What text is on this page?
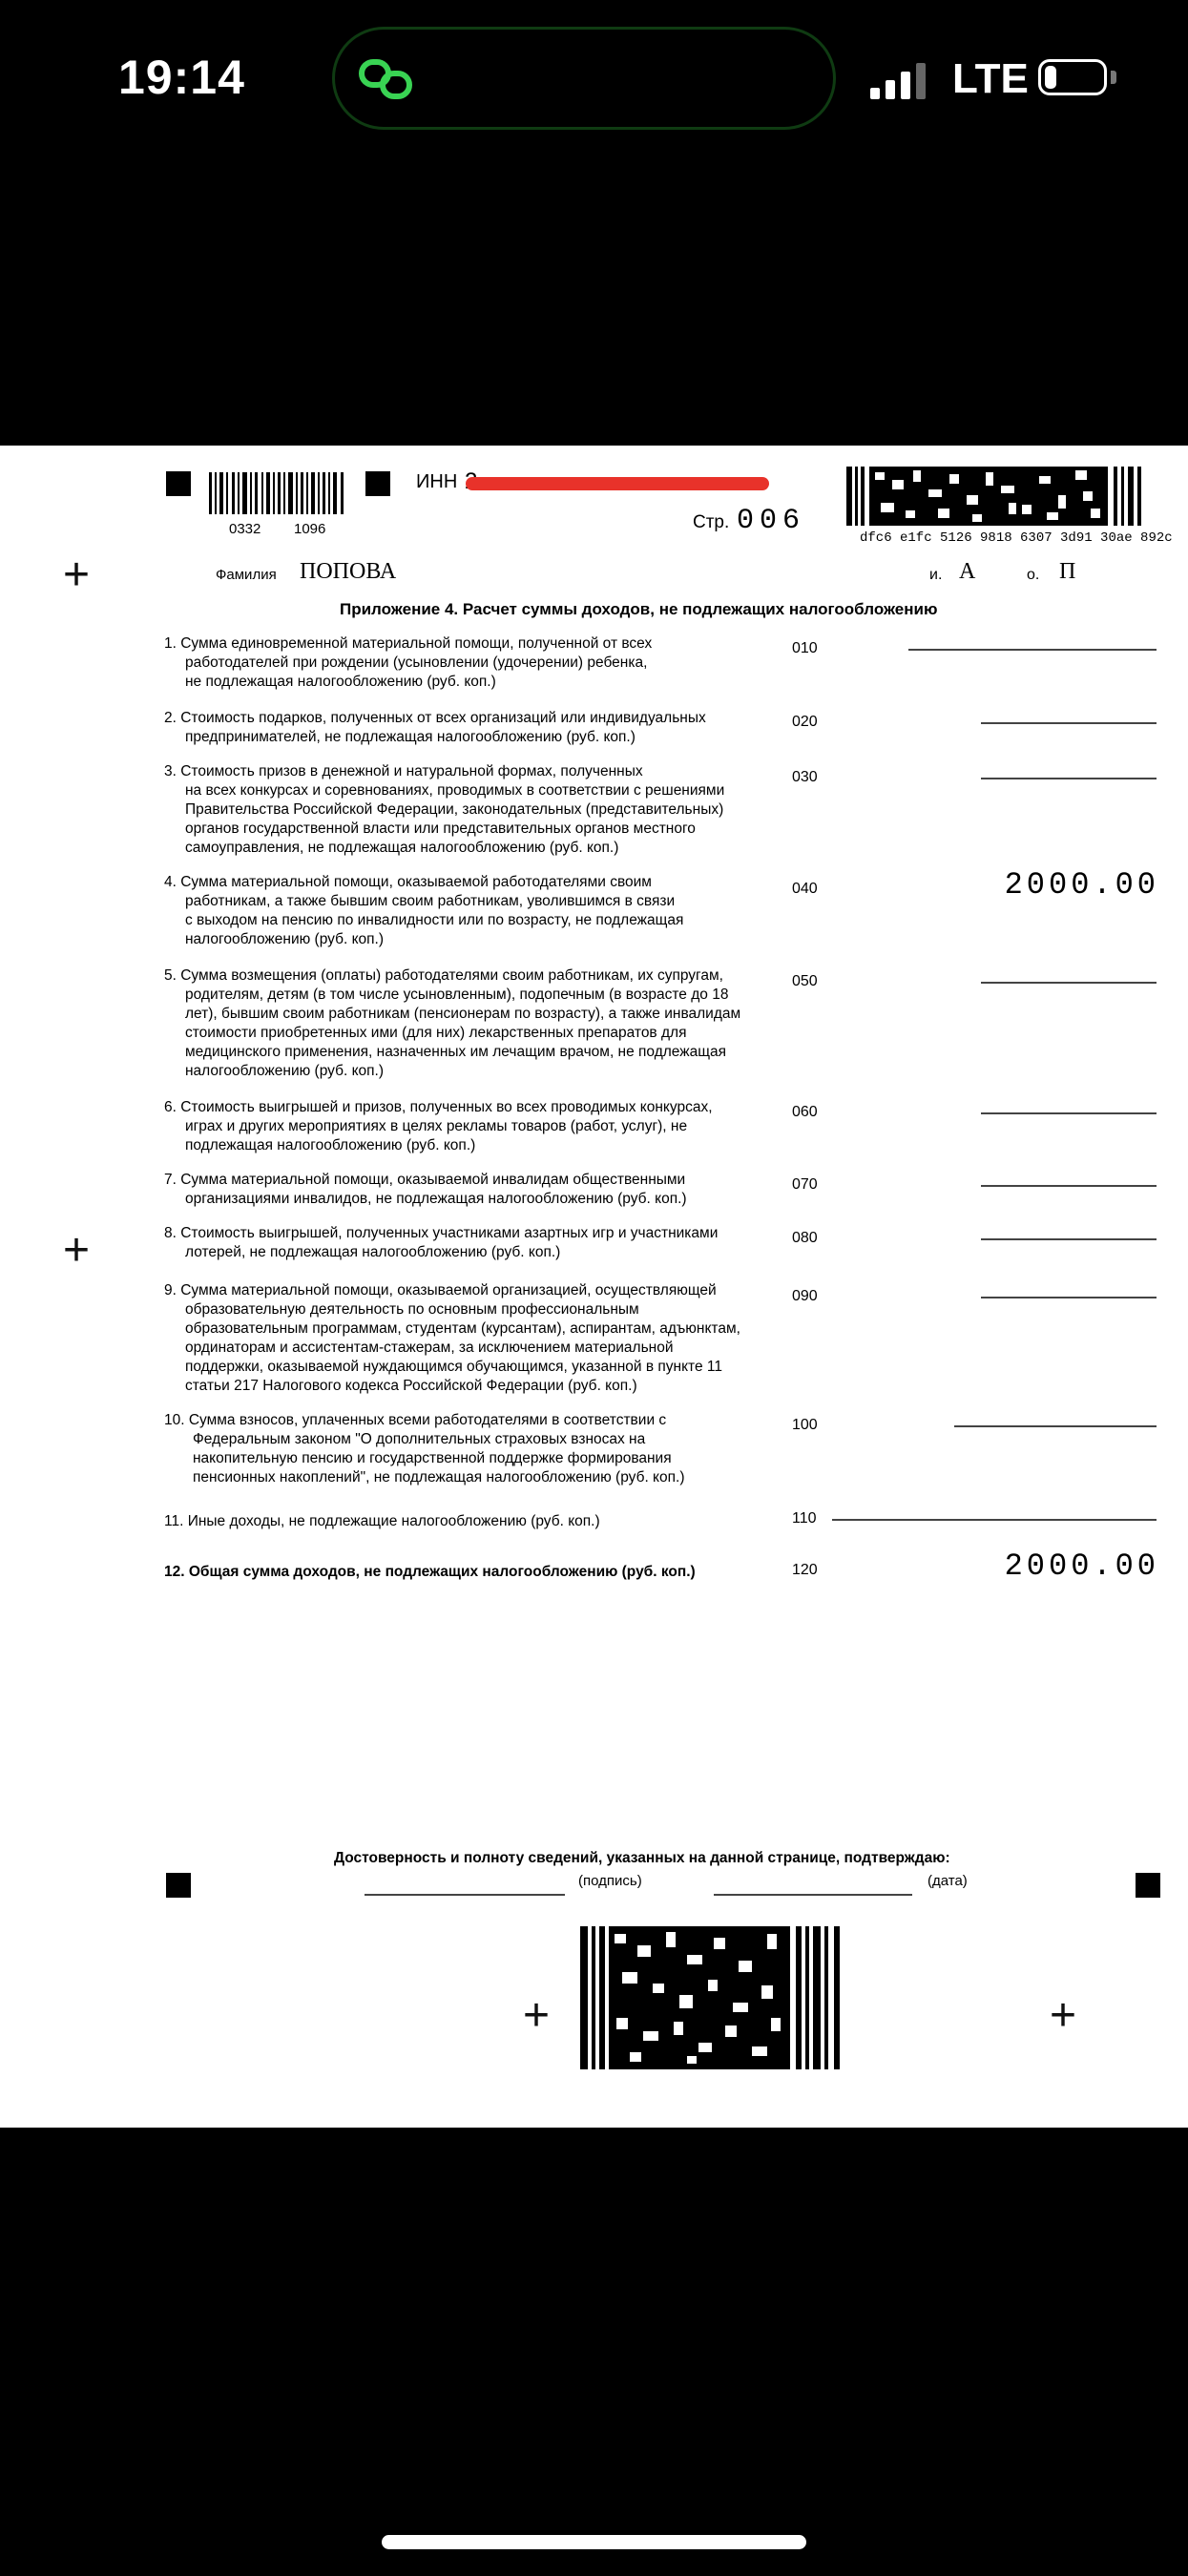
19:14	LTE
0332 1096
ИНН
Стр. 006
dfc6 e1fc 5126 9818 6307 3d91 30ae 892c
+	Фамилия ПОПОВА	и. А	о. П
Приложение 4. Расчет суммы доходов, не подлежащих налогообложению
1. Сумма единовременной материальной помощи, полученной от всех
работодателей при рождении (усыновлении (удочерении) ребенка,
не подлежащая налогообложению (руб. коп.)
010
2. Стоимость подарков, полученных от всех организаций или индивидуальных
предпринимателей, не подлежащая налогообложению (руб. коп.)
020
3. Стоимость призов в денежной и натуральной формах, полученных
на всех конкурсах и соревнованиях, проводимых в соответствии с решениями
Правительства Российской Федерации, законодательных (представительных)
органов государственной власти или представительных органов местного
самоуправления, не подлежащая налогообложению (руб. коп.)
030
4. Сумма материальной помощи, оказываемой работодателями своим
работникам, а также бывшим своим работникам, уволившимся в связи
с выходом на пенсию по инвалидности или по возрасту, не подлежащая
налогообложению (руб. коп.)
040	2000.00
5. Сумма возмещения (оплаты) работодателями своим работникам, их супругам,
родителям, детям (в том числе усыновленным), подопечным (в возрасте до 18
лет), бывшим своим работникам (пенсионерам по возрасту), а также инвалидам
стоимости приобретенных ими (для них) лекарственных препаратов для
медицинского применения, назначенных им лечащим врачом, не подлежащая
налогообложению (руб. коп.)
050
6. Стоимость выигрышей и призов, полученных во всех проводимых конкурсах,
играх и других мероприятиях в целях рекламы товаров (работ, услуг), не
подлежащая налогообложению (руб. коп.)
060
7. Сумма материальной помощи, оказываемой инвалидам общественными
организациями инвалидов, не подлежащая налогообложению (руб. коп.)
070
+	8. Стоимость выигрышей, полученных участниками азартных игр и участниками
лотерей, не подлежащая налогообложению (руб. коп.)
080
9. Сумма материальной помощи, оказываемой организацией, осуществляющей
образовательную деятельность по основным профессиональным
образовательным программам, студентам (курсантам), аспирантам, адъюнктам,
ординаторам и ассистентам-стажерам, за исключением материальной
поддержки, оказываемой нуждающимся обучающимся, указанной в пункте 11
статьи 217 Налогового кодекса Российской Федерации (руб. коп.)
090
10. Сумма взносов, уплаченных всеми работодателями в соответствии с
Федеральным законом "О дополнительных страховых взносах на
накопительную пенсию и государственной поддержке формирования
пенсионных накоплений", не подлежащая налогообложению (руб. коп.)
100
11. Иные доходы, не подлежащие налогообложению (руб. коп.)	110
12. Общая сумма доходов, не подлежащих налогообложению (руб. коп.)	120	2000.00
Достоверность и полноту сведений, указанных на данной странице, подтверждаю:
(подпись)	(дата)
+	+
